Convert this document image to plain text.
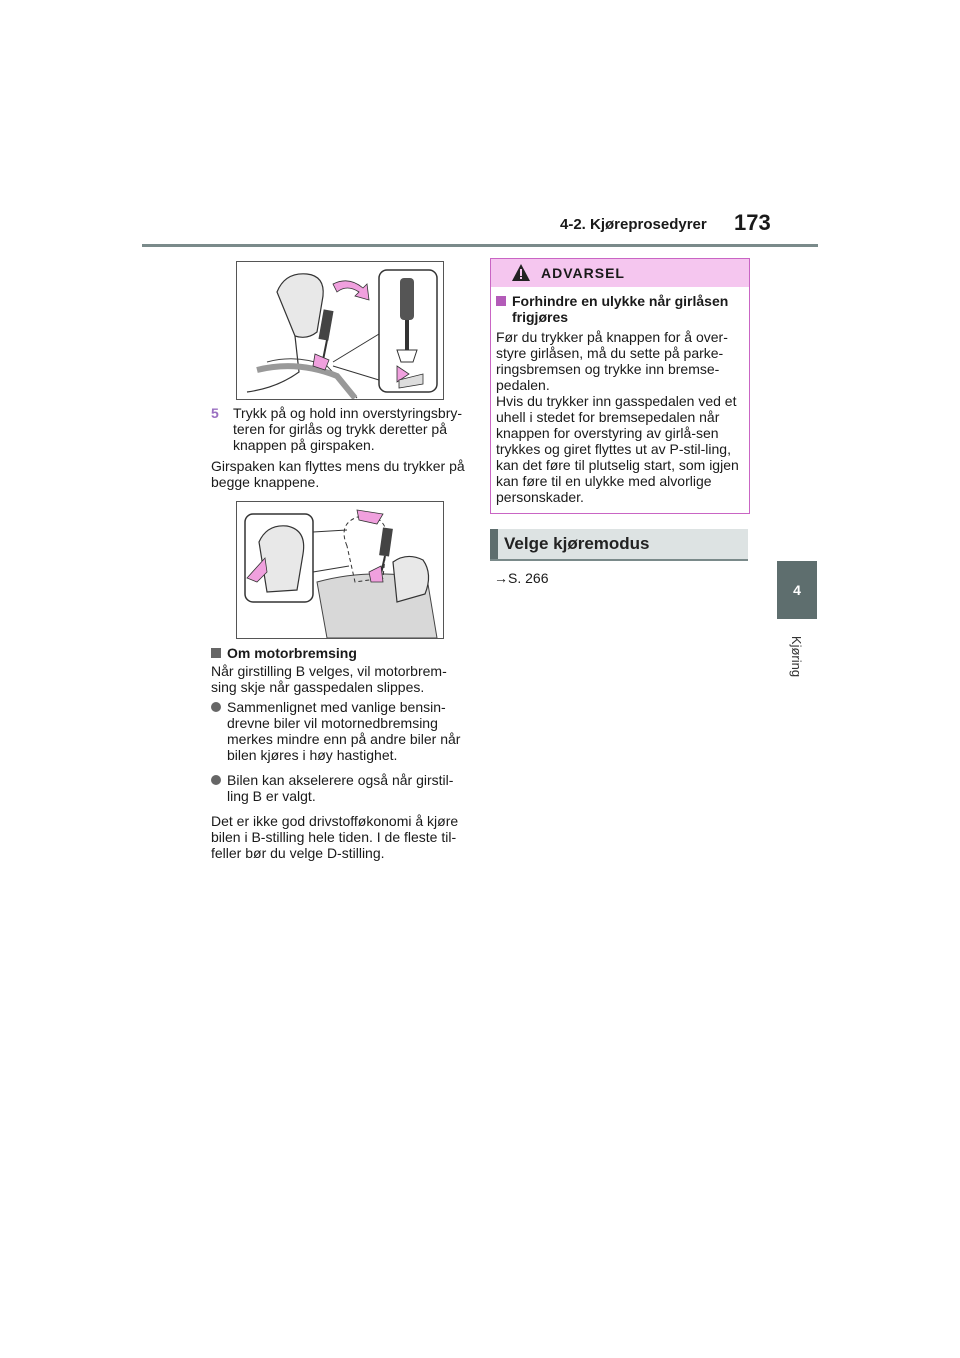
4-2. Kjøreprosedyrer 173
4
Kjøring
5 Trykk på og hold inn overstyringsbry-teren for girlås og trykk deretter på knappen på girspaken.
Girspaken kan flyttes mens du trykker på begge knappene.
Om motorbremsing
Når girstilling B velges, vil motorbrem-sing skje når gasspedalen slippes.
Sammenlignet med vanlige bensin-drevne biler vil motornedbremsing merkes mindre enn på andre biler når bilen kjøres i høy hastighet.
Bilen kan akselerere også når girstil-ling B er valgt.
Det er ikke god drivstofføkonomi å kjøre bilen i B-stilling hele tiden. I de fleste til-feller bør du velge D-stilling.
ADVARSEL
Forhindre en ulykke når girlåsen frigjøres
Før du trykker på knappen for å over-styre girlåsen, må du sette på parke-ringsbremsen og trykke inn bremse-pedalen.
Hvis du trykker inn gasspedalen ved et uhell i stedet for bremsepedalen når knappen for overstyring av girlå-sen trykkes og giret flyttes ut av P-stil-ling, kan det føre til plutselig start, som igjen kan føre til en ulykke med alvorlige personskader.
Velge kjøremodus
→S. 266
